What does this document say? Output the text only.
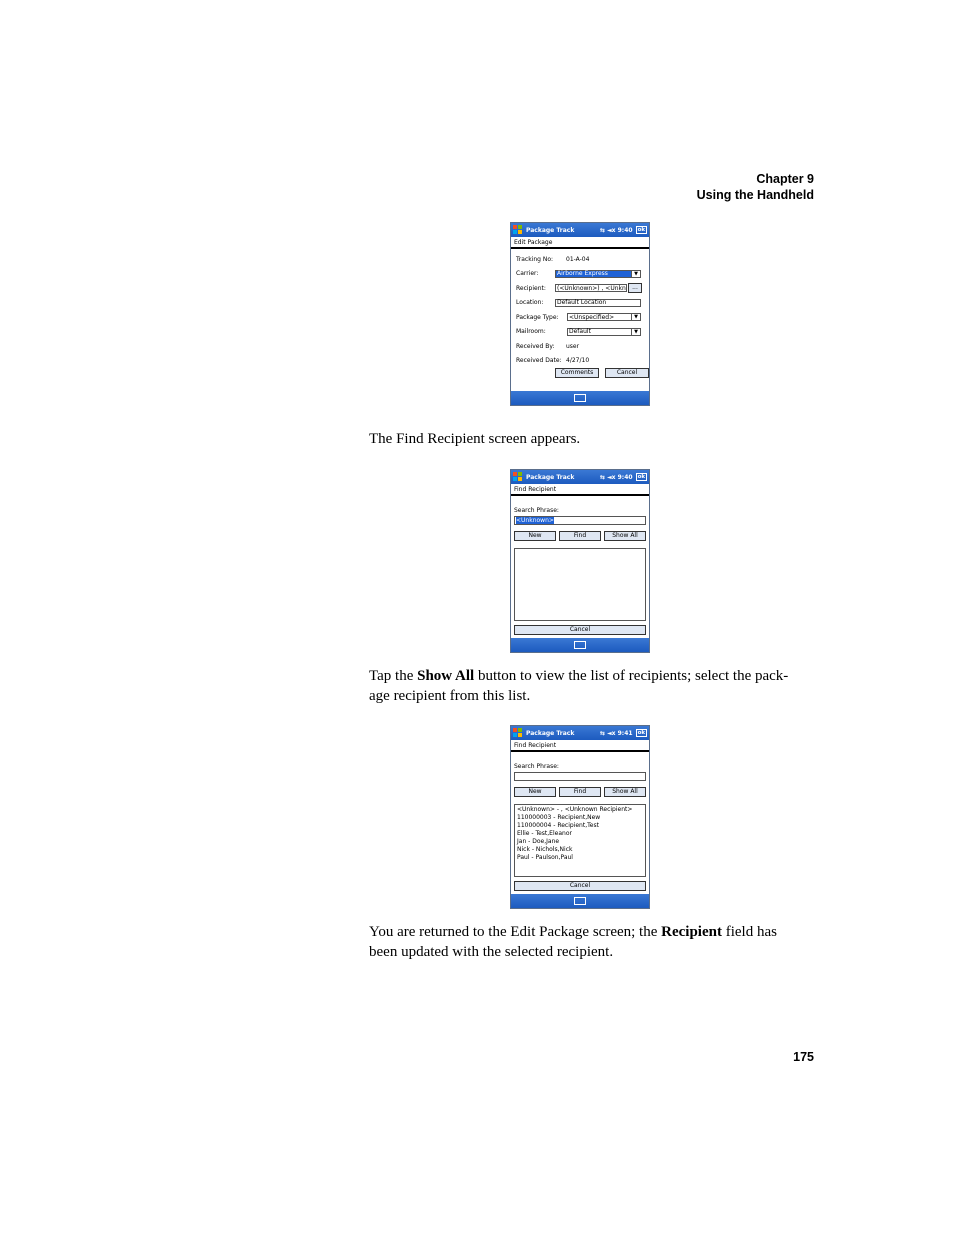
Chapter 9
Using the Handheld
Package Track	⇆ ◄x 9:40 ok
Edit Package
Tracking No:	01-A-04
Carrier:	Airborne Express	▼
Recipient:	(<Unknown>) , <Unkn	...
Location:	Default Location
Package Type:	<Unspecified>	▼
Mailroom:	Default	▼
Received By:	user
Received Date: 4/27/10
Comments	Cancel
The Find Recipient screen appears.
Package Track	⇆ ◄x 9:40 ok
Find Recipient
Search Phrase:
<Unknown>
New	Find	Show All
Cancel
Tap the Show All button to view the list of recipients; select the pack-
age recipient from this list.
Package Track	⇆ ◄x 9:41 ok
Find Recipient
Search Phrase:
New	Find	Show All
<Unknown> - , <Unknown Recipient>
110000003 - Recipient,New
110000004 - Recipient,Test
Ellie - Test,Eleanor
Jan - Doe,Jane
Nick - Nichols,Nick
Paul - Paulson,Paul
Cancel
You are returned to the Edit Package screen; the Recipient field has
been updated with the selected recipient.
175
